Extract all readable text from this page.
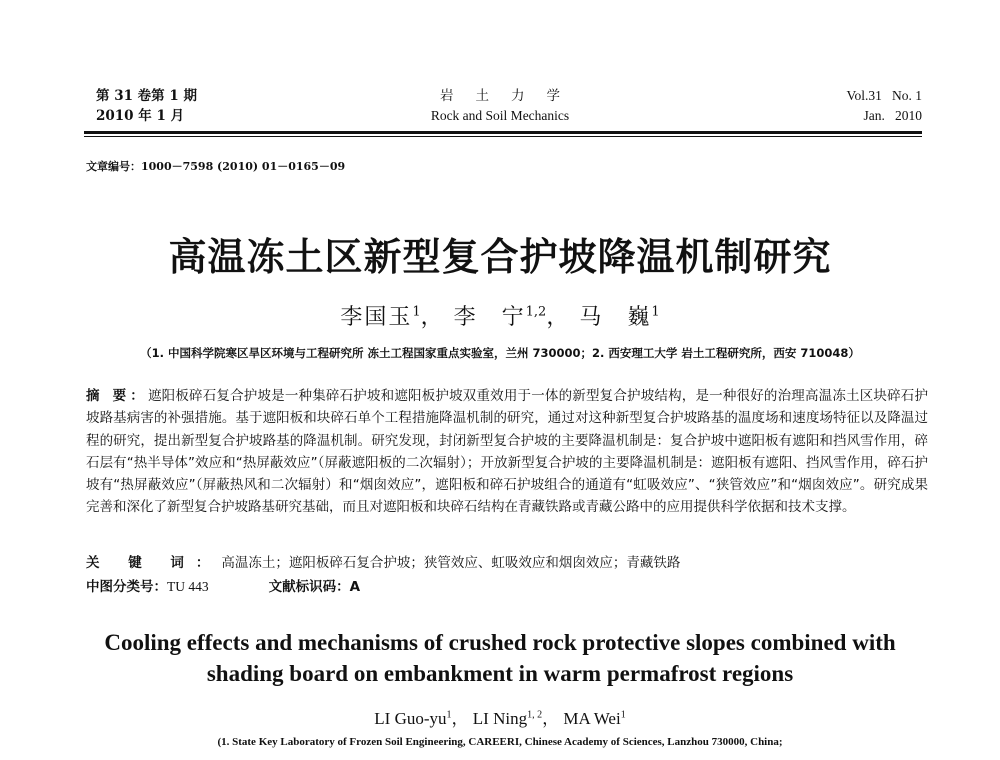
第 31 卷第 1 期
2010 年 1 月
岩土力学
Rock and Soil Mechanics
Vol.31 No. 1
Jan. 2010
文章编号：1000－7598 (2010) 01－0165－09
高温冻土区新型复合护坡降温机制研究
李国玉$^1$， 李　宁$^{1,2}$， 马　巍$^1$
（1. 中国科学院寒区旱区环境与工程研究所 冻土工程国家重点实验室，兰州 730000；2. 西安理工大学 岩土工程研究所，西安 710048）
摘 要：遮阳板碎石复合护坡是一种集碎石护坡和遮阳板护坡双重效用于一体的新型复合护坡结构，是一种很好的治理高温冻土区块碎石护坡路基病害的补强措施。基于遮阳板和块碎石单个工程措施降温机制的研究，通过对这种新型复合护坡路基的温度场和速度场特征以及降温过程的研究，提出新型复合护坡路基的降温机制。研究发现，封闭新型复合护坡的主要降温机制是：复合护坡中遮阳板有遮阳和挡风雪作用，碎石层有“热半导体”效应和“热屏蔽效应”（屏蔽遮阳板的二次辐射）；开放新型复合护坡的主要降温机制是：遮阳板有遮阳、挡风雪作用，碎石护坡有“热屏蔽效应”（屏蔽热风和二次辐射）和“烟囱效应”，遮阳板和碎石护坡组合的通道有“虹吸效应”、“狭管效应”和“烟囱效应”。研究成果完善和深化了新型复合护坡路基研究基础，而且对遮阳板和块碎石结构在青藏铁路或青藏公路中的应用提供科学依据和技术支撑。
关 键 词：高温冻土；遮阳板碎石复合护坡；狭管效应、虹吸效应和烟囱效应；青藏铁路
中图分类号：TU 443	文献标识码：A
Cooling effects and mechanisms of crushed rock protective slopes combined with
shading board on embankment in warm permafrost regions
LI Guo-$yu^1$， LI Ning$^{1, 2}$， MA Wei$^1$
(1. State Key Laboratory of Frozen Soil Engineering, CAREERI, Chinese Academy of Sciences, Lanzhou 730000, China;
